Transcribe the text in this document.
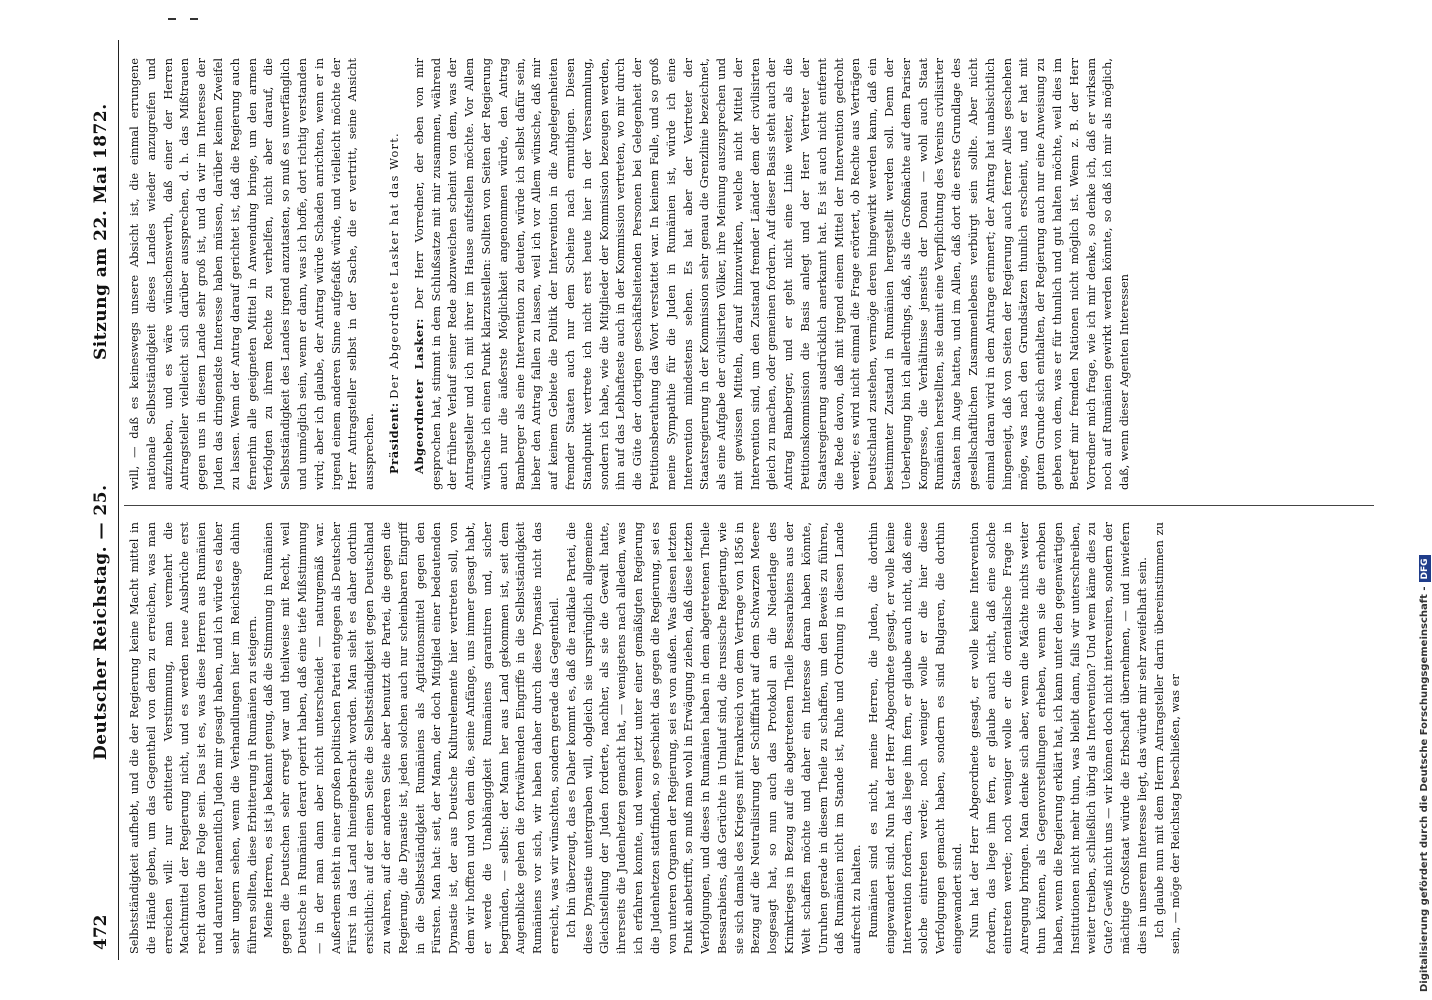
472
Deutscher Reichstag. — 25.
Sitzung am 22. Mai 1872.

Selbstständigkeit aufhebt, und die der Regierung keine Macht mittel in die Hände geben, um das Gegentheil von dem zu erreichen, was man erreichen will: nur erbitterte Verstimmung, man vermehrt die Machtmittel der Regierung nicht, und es werden neue Ausbrüche erst recht davon die Folge sein. Das ist es, was diese Herren aus Rumänien und darunter namentlich Juden mir gesagt haben, und ich würde es daher sehr ungern sehen, wenn die Verhandlungen hier im Reichstage dahin führen sollten, diese Erbitterung in Rumänien zu steigern. Meine Herren, es ist ja bekannt genug, daß die Stimmung in Rumänien gegen die Deutschen sehr erregt war und theilweise mit Recht, weil Deutsche in Rumänien derart operirt haben, daß eine tiefe Mißstimmung — in der man dann aber nicht unterscheidet — naturgemäß war. Außerdem steht in einer großen politischen Partei entgegen als Deutscher Fürst in das Land hineingebracht worden. Man sieht es daher dorthin ersichtlich: auf der einen Seite die Selbstständigkeit gegen Deutschland zu wahren, auf der anderen Seite aber benutzt die Partei, die gegen die Regierung, die Dynastie ist, jeden solchen auch nur scheinbaren Eingriff in die Selbstständigkeit Rumäniens als Agitationsmittel gegen den Fürsten. Man hat: seit, der Mann, der doch Mitglied einer bedeutenden Dynastie ist, der aus Deutsche Kulturelemente hier vertreten soll, von dem wir hofften und von dem die, seine Anfänge, uns immer gesagt habt, er werde die Unabhängigkeit Rumäniens garantiren und, sicher begründen, — selbst: der Mann her aus Land gekommen ist, seit dem Augenblicke gehen die fortwährenden Eingriffe in die Selbstständigkeit Rumäniens vor sich, wir haben daher durch diese Dynastie nicht das erreicht, was wir wünschten, sondern gerade das Gegentheil. Ich bin überzeugt, das es Daher kommt es, daß die radikale Partei, die diese Dynastie untergraben will, obgleich sie ursprünglich allgemeine Gleichstellung der Juden forderte, nachher, als sie die Gewalt hatte, ihrerseits die Judenhetzen gemacht hat, — wenigstens nach alledem, was ich erfahren konnte, und wenn jetzt unter einer gemäßigten Regierung die Judenhetzen stattfinden, so geschieht das gegen die Regierung, sei es von unteren Organen der Regierung, sei es von außen. Was diesen letzten Punkt anbetrifft, so muß man wohl in Erwägung ziehen, daß diese letzten Verfolgungen, und dieses in Rumänien haben in dem abgetretenen Theile Bessarabiens, daß Gerüchte in Umlauf sind, die russische Regierung, wie sie sich damals des Krieges mit Frankreich von dem Vertrage von 1856 in Bezug auf die Neutralisirung der Schifffahrt auf dem Schwarzen Meere losgesagt hat, so nun auch das Protokoll an die Niederlage des Krimkrieges in Bezug auf die abgetretenen Theile Bessarabiens aus der Welt schaffen möchte und daher ein Interesse daran haben könnte, Unruhen gerade in diesem Theile zu schaffen, um den Beweis zu führen, daß Rumänien nicht im Stande ist, Ruhe und Ordnung in diesen Lande aufrecht zu halten. Rumänien sind es nicht, meine Herren, die Juden, die dorthin eingewandert sind. Nun hat der Herr Abgeordnete gesagt, er wolle keine Intervention fordern, das liege ihm fern, er glaube auch nicht, daß eine solche eintreten werde; noch weniger wolle er die hier diese Verfolgungen gemacht haben, sondern es sind Bulgaren, die dorthin eingewandert sind. Nun hat der Herr Abgeordnete gesagt, er wolle keine Intervention fordern, das liege ihm fern, er glaube auch nicht, daß eine solche eintreten werde; noch weniger wolle er die orientalische Frage in Anregung bringen. Man denke sich aber, wenn die Mächte nichts weiter thun können, als Gegenvorstellungen erheben, wenn sie die erhoben haben, wenn die Regierung erklärt hat, ich kann unter den gegenwärtigen Institutionen nicht mehr thun, was bleibt dann, falls wir unterschreiben, weiter treiben, schließlich übrig als Intervention? Und wem käme dies zu Gute? Gewiß nicht uns — wir können doch nicht interveniren, sondern der mächtige Großstaat würde die Erbschaft übernehmen, — und inwiefern dies in unserem Interesse liegt, das würde mir sehr zweifelhaft sein. Ich glaube nun mit dem Herrn Antragsteller darin übereinstimmen zu sein, — möge der Reichstag beschließen, was er

will, — daß es keineswegs unsere Absicht ist, die einmal errungene nationale Selbstständigkeit dieses Landes wieder anzugreifen und aufzuheben, und es wäre wünschenswerth, daß einer der Herren Antragsteller vielleicht sich darüber aussprechen, d. h. das Mißtrauen gegen uns in diesem Lande sehr groß ist, und da wir im Interesse der Juden das dringendste Interesse haben müssen, darüber keinen Zweifel zu lassen. Wenn der Antrag darauf gerichtet ist, daß die Regierung auch fernerhin alle geeigneten Mittel in Anwendung bringe, um den armen Verfolgten zu ihrem Rechte zu verhelfen, nicht aber darauf, die Selbstständigkeit des Landes irgend anzutasten, so muß es unverfänglich und unmöglich sein, wenn er dann, was ich hoffe, dort richtig verstanden wird; aber ich glaube, der Antrag würde Schaden anrichten, wenn er in irgend einem anderen Sinne aufgefaßt würde, und vielleicht möchte der Herr Antragsteller selbst in der Sache, die er vertritt, seine Ansicht aussprechen. Präsident: Der Abgeordnete Lasker hat das Wort. Abgeordneter Lasker: Der Herr Vorredner, der eben von mir gesprochen hat, stimmt in dem Schlußsatze mit mir zusammen, während der frühere Verlauf seiner Rede abzuweichen scheint von dem, was der Antragsteller und ich mit ihrer im Hause aufstellen möchte. Vor Allem wünsche ich einen Punkt klarzustellen: Sollten von Seiten der Regierung auch nur die äußerste Möglichkeit angenommen würde, den Antrag Bamberger als eine Intervention zu deuten, würde ich selbst dafür sein, lieber den Antrag fallen zu lassen, weil ich vor Allem wünsche, daß mir auf keinem Gebiete die Politik der Intervention in die Angelegenheiten fremder Staaten auch nur dem Scheine nach ermuthigen. Diesen Standpunkt vertrete ich nicht erst heute hier in der Versammlung, sondern ich habe, wie die Mitglieder der Kommission bezeugen werden, ihn auf das Lebhafteste auch in der Kommission vertreten, wo mir durch die Güte der dortigen geschäftsleitenden Personen bei Gelegenheit der Petitionsberathung das Wort verstattet war. In keinem Falle, und so groß meine Sympathie für die Juden in Rumänien ist, würde ich eine Intervention mindestens sehen. Es hat aber der Vertreter der Staatsregierung in der Kommission sehr genau die Grenzlinie bezeichnet, als eine Aufgabe der civilisirten Völker, ihre Meinung auszusprechen und mit gewissen Mitteln, darauf hinzuwirken, welche nicht Mittel der Intervention sind, um den Zustand fremder Länder dem der civilisirten gleich zu machen, oder gemeinen fordern. Auf dieser Basis steht auch der Antrag Bamberger, und er geht nicht eine Linie weiter, als die Petitionskommission die Basis anlegt und der Herr Vertreter der Staatsregierung ausdrücklich anerkannt hat. Es ist auch nicht entfernt die Rede davon, daß mit irgend einem Mittel der Intervention gedroht werde; es wird nicht einmal die Frage erörtert, ob Rechte aus Verträgen Deutschland zustehen, vermöge deren hingewirkt werden kann, daß ein bestimmter Zustand in Rumänien hergestellt werden soll. Denn der Ueberlegung bin ich allerdings, daß, als die Großmächte auf dem Pariser Kongresse, die Verhältnisse jenseits der Donau — wohl auch Staat Rumänien herstellten, sie damit eine Verpflichtung des Vereins civilisirter Staaten im Auge hatten, und im Allen, daß dort die erste Grundlage des gesellschaftlichen Zusammenlebens verbürgt sein sollte. Aber nicht einmal daran wird in dem Antrage erinnert; der Antrag hat unabsichtlich hingeneigt, daß von Seiten der Regierung auch ferner Alles geschehen möge, was nach den Grundsätzen thunlich erscheint, und er hat mit gutem Grunde sich enthalten, der Regierung auch nur eine Anweisung zu geben von dem, was er für thunlich und gut halten möchte, weil dies im Betreff mir fremden Nationen nicht möglich ist. Wenn z. B. der Herr Vorredner mich frage, wie ich mir denke, so denke ich, daß er wirksam noch auf Rumänien gewirkt werden könnte, so daß ich mir als möglich, daß, wenn dieser Agenten Interessen

Digitalisierung gefördert durch die Deutsche Forschungsgemeinschaft -DFG
